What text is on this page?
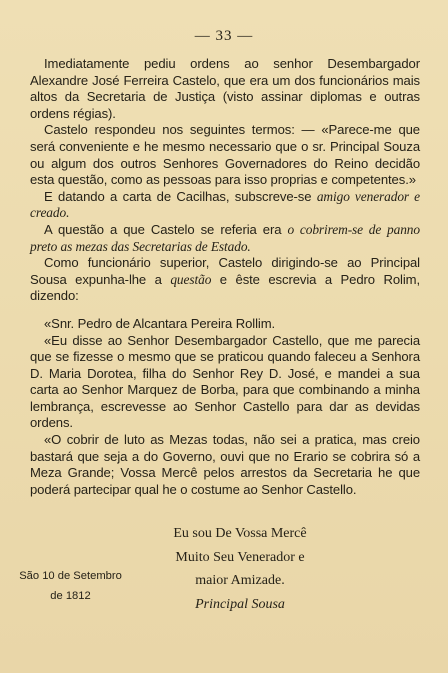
— 33 —

Imediatamente pediu ordens ao senhor Desembargador Alexandre José Ferreira Castelo, que era um dos funcionários mais altos da Secretaria de Justiça (visto assinar diplomas e outras ordens régias).

Castelo respondeu nos seguintes termos: — «Parece-me que será conveniente e he mesmo necessario que o sr. Principal Souza ou algum dos outros Senhores Governadores do Reino decidão esta questão, como as pessoas para isso proprias e competentes.»

E datando a carta de Cacilhas, subscreve-se amigo venerador e creado.

A questão a que Castelo se referia era o cobrirem-se de panno preto as mezas das Secretarias de Estado.

Como funcionário superior, Castelo dirigindo-se ao Principal Sousa expunha-lhe a questão e êste escrevia a Pedro Rolim, dizendo:

«Snr. Pedro de Alcantara Pereira Rollim.

«Eu disse ao Senhor Desembargador Castello, que me parecia que se fizesse o mesmo que se praticou quando faleceu a Senhora D. Maria Dorotea, filha do Senhor Rey D. José, e mandei a sua carta ao Senhor Marquez de Borba, para que combinando a minha lembrança, escrevesse ao Senhor Castello para dar as devidas ordens.

«O cobrir de luto as Mezas todas, não sei a pratica, mas creio bastará que seja a do Governo, ouvi que no Erario se cobrira só a Meza Grande; Vossa Mercê pelos arrestos da Secretaria he que poderá partecipar qual he o costume ao Senhor Castello.

Eu sou De Vossa Mercê
Muito Seu Venerador e
maior Amizade.
Principal Sousa
São 10 de Setembro
de 1812
